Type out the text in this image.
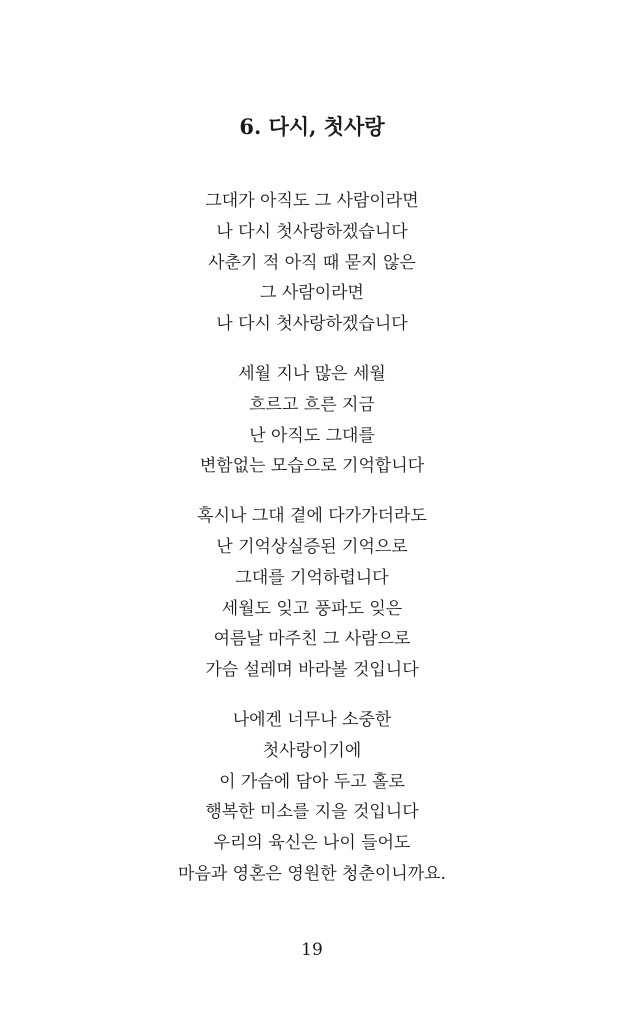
6. 다시, 첫사랑
그대가 아직도 그 사람이라면
나 다시 첫사랑하겠습니다
사춘기 적 아직 때 묻지 않은
그 사람이라면
나 다시 첫사랑하겠습니다
세월 지나 많은 세월
흐르고 흐른 지금
난 아직도 그대를
변함없는 모습으로 기억합니다
혹시나 그대 곁에 다가가더라도
난 기억상실증된 기억으로
그대를 기억하렵니다
세월도 잊고 풍파도 잊은
여름날 마주친 그 사람으로
가슴 설레며 바라볼 것입니다
나에겐 너무나 소중한
첫사랑이기에
이 가슴에 담아 두고 홀로
행복한 미소를 지을 것입니다
우리의 육신은 나이 들어도
마음과 영혼은 영원한 청춘이니까요.
19
